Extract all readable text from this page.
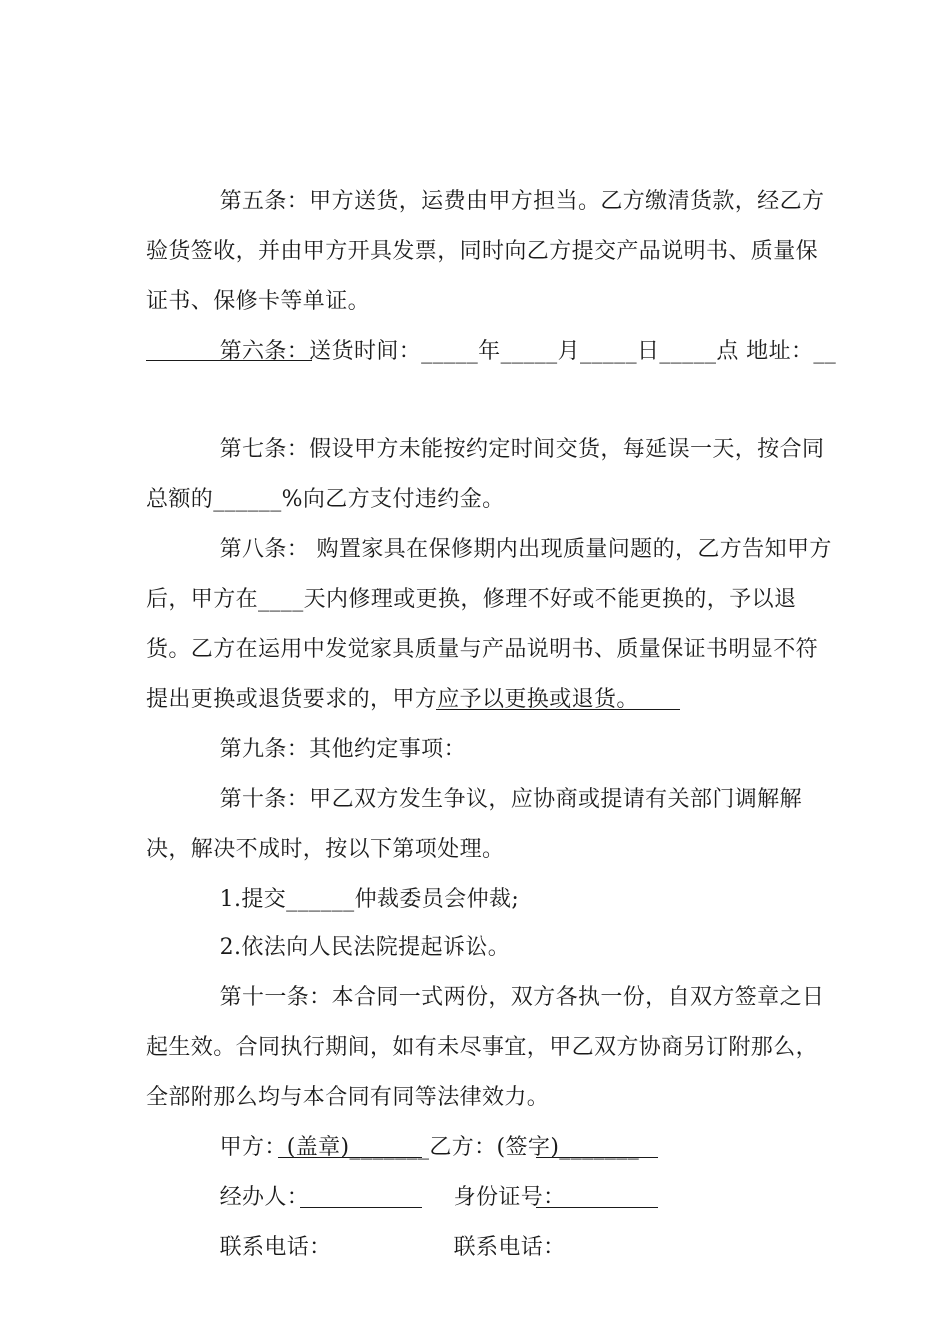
第五条：甲方送货，运费由甲方担当。乙方缴清货款，经乙方验货签收，并由甲方开具发票，同时向乙方提交产品说明书、质量保证书、保修卡等单证。

第六条：送货时间：_____年_____月_____日_____点 地址：__

第七条：假设甲方未能按约定时间交货，每延误一天，按合同总额的______%向乙方支付违约金。

第八条： 购置家具在保修期内出现质量问题的，乙方告知甲方后，甲方在____天内修理或更换，修理不好或不能更换的，予以退货。乙方在运用中发觉家具质量与产品说明书、质量保证书明显不符提出更换或退货要求的，甲方应予以更换或退货。

第九条：其他约定事项：

第十条：甲乙双方发生争议，应协商或提请有关部门调解解决，解决不成时，按以下第项处理。

1.提交______仲裁委员会仲裁;

2.依法向人民法院提起诉讼。

第十一条：本合同一式两份，双方各执一份，自双方签章之日起生效。合同执行期间，如有未尽事宜，甲乙双方协商另订附那么，全部附那么均与本合同有同等法律效力。

甲方：(盖章)_______乙方：(签字)_______

经办人：
	身份证号：

联系电话：
	联系电话：
